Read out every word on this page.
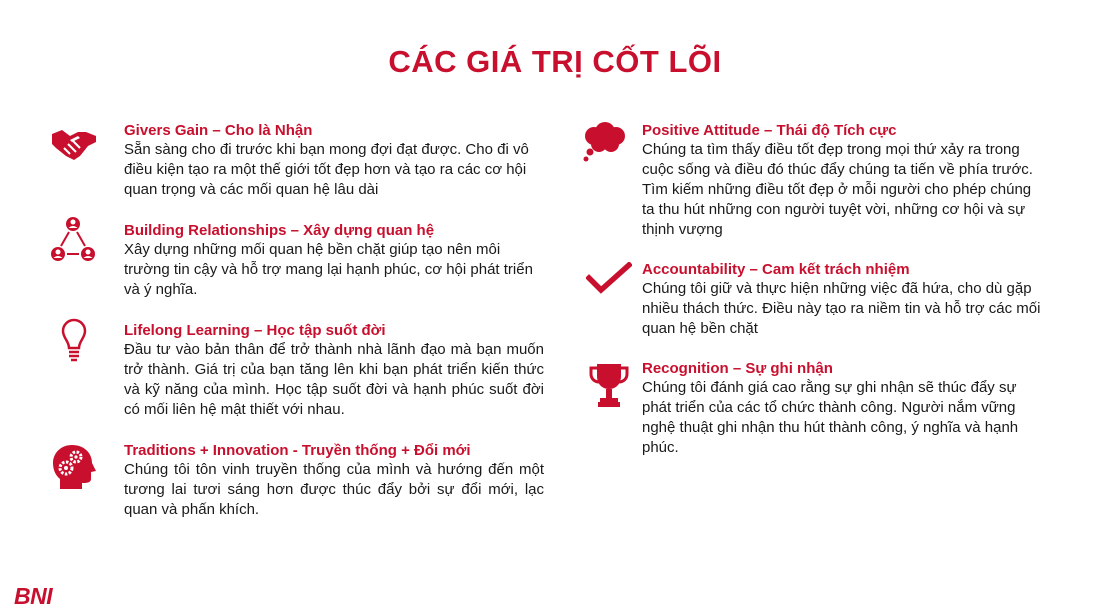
CÁC GIÁ TRỊ CỐT LÕI
Givers Gain – Cho là Nhận

Sẵn sàng cho đi trước khi bạn mong đợi đạt được. Cho đi vô điều kiện tạo ra một thế giới tốt đẹp hơn và tạo ra các cơ hội quan trọng và các mối quan hệ lâu dài

Building Relationships – Xây dựng quan hệ

Xây dựng những mối quan hệ bền chặt giúp tạo nên môi trường tin cậy và hỗ trợ mang lại hạnh phúc, cơ hội phát triển và ý nghĩa.

Lifelong Learning – Học tập suốt đời

Đầu tư vào bản thân để trở thành nhà lãnh đạo mà bạn muốn trở thành. Giá trị của bạn tăng lên khi bạn phát triển kiến thức và kỹ năng của mình. Học tập suốt đời và hạnh phúc suốt đời có mối liên hệ mật thiết với nhau.

Traditions + Innovation - Truyền thống + Đổi mới

Chúng tôi tôn vinh truyền thống của mình và hướng đến một tương lai tươi sáng hơn được thúc đẩy bởi sự đổi mới, lạc quan và phấn khích.

Positive Attitude – Thái độ Tích cực

Chúng ta tìm thấy điều tốt đẹp trong mọi thứ xảy ra trong cuộc sống và điều đó thúc đẩy chúng ta tiến về phía trước. Tìm kiếm những điều tốt đẹp ở mỗi người cho phép chúng ta thu hút những con người tuyệt vời, những cơ hội và sự thịnh vượng

Accountability – Cam kết trách nhiệm

Chúng tôi giữ và thực hiện những việc đã hứa, cho dù gặp nhiều thách thức. Điều này tạo ra niềm tin và hỗ trợ các mối quan hệ bền chặt

Recognition – Sự ghi nhận

Chúng tôi đánh giá cao rằng sự ghi nhận sẽ thúc đẩy sự phát triển của các tổ chức thành công. Người nắm vững nghệ thuật ghi nhận thu hút thành công, ý nghĩa và hạnh phúc.

BNI
